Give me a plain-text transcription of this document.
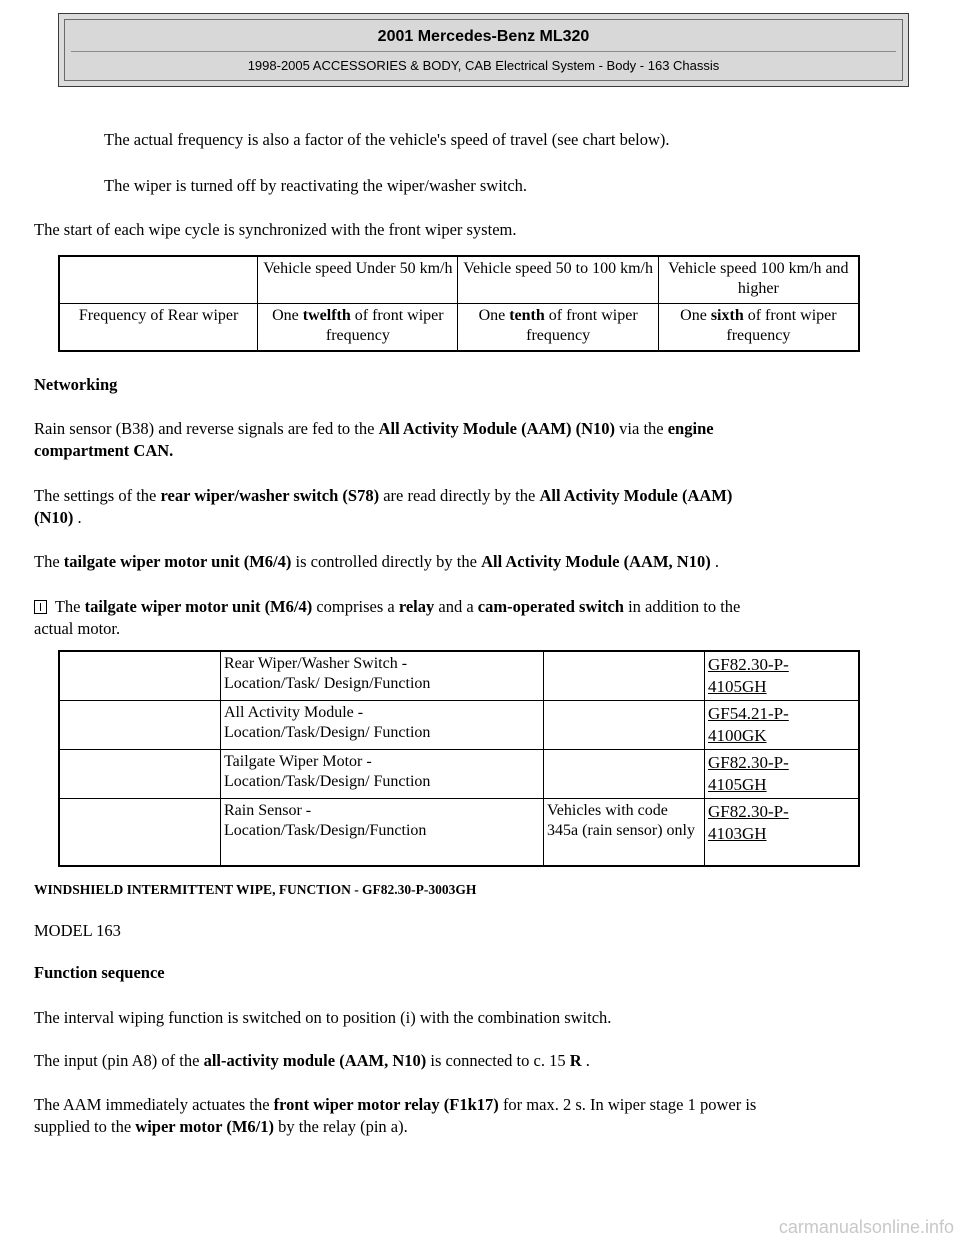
2001 Mercedes-Benz ML320
1998-2005 ACCESSORIES & BODY, CAB Electrical System - Body - 163 Chassis

The actual frequency is also a factor of the vehicle's speed of travel (see chart below).

The wiper is turned off by reactivating the wiper/washer switch.

The start of each wipe cycle is synchronized with the front wiper system.

	Vehicle speed Under 50 km/h	Vehicle speed 50 to 100 km/h	Vehicle speed 100 km/h and higher
Frequency of Rear wiper	One twelfth of front wiper frequency	One tenth of front wiper frequency	One sixth of front wiper frequency

Networking

Rain sensor (B38) and reverse signals are fed to the All Activity Module (AAM) (N10) via the engine

compartment CAN.

The settings of the rear wiper/washer switch (S78) are read directly by the All Activity Module (AAM)

(N10) .

The tailgate wiper motor unit (M6/4) is controlled directly by the All Activity Module (AAM, N10) .

The tailgate wiper motor unit (M6/4) comprises a relay and a cam-operated switch in addition to the

actual motor.

	Rear Wiper/Washer Switch -
Location/Task/ Design/Function		GF82.30-P-
4105GH
	All Activity Module -
Location/Task/Design/ Function		GF54.21-P-
4100GK
	Tailgate Wiper Motor -
Location/Task/Design/ Function		GF82.30-P-
4105GH
	Rain Sensor -
Location/Task/Design/Function	Vehicles with code 345a (rain sensor) only	GF82.30-P-
4103GH

WINDSHIELD INTERMITTENT WIPE, FUNCTION - GF82.30-P-3003GH

MODEL 163

Function sequence

The interval wiping function is switched on to position (i) with the combination switch.

The input (pin A8) of the all-activity module (AAM, N10) is connected to c. 15 R .

The AAM immediately actuates the front wiper motor relay (F1k17) for max. 2 s. In wiper stage 1 power is

supplied to the wiper motor (M6/1) by the relay (pin a).

carmanualsonline.info
